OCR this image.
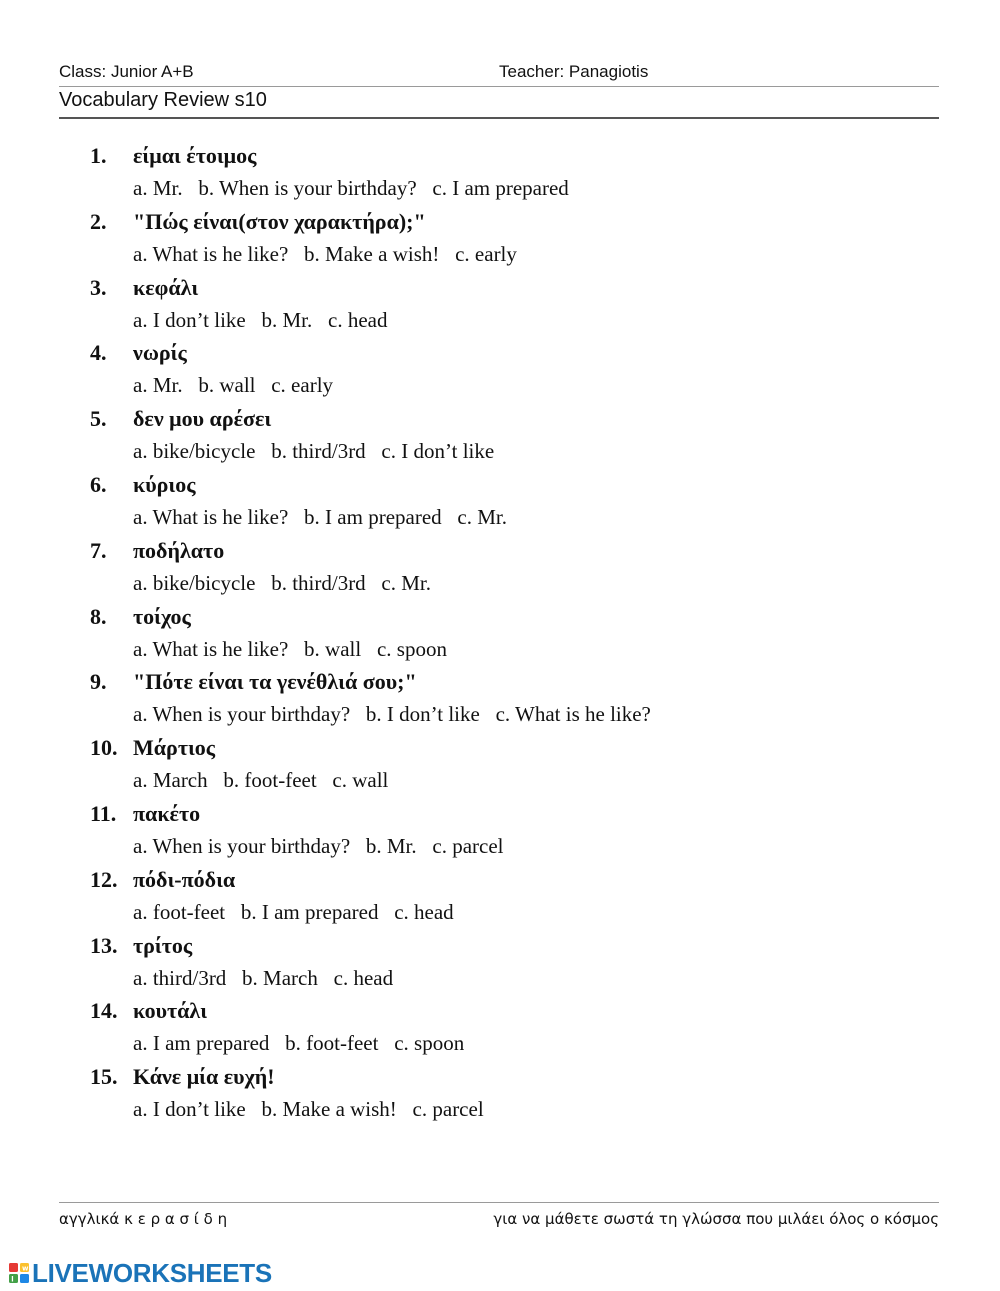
Class: Junior A+B	Teacher: Panagiotis
Vocabulary Review s10
1. είμαι έτοιμος
a. Mr.   b. When is your birthday?   c. I am prepared
2. "Πώς είναι(στον χαρακτήρα);"
a. What is he like?   b. Make a wish!   c. early
3. κεφάλι
a. I don’t like   b. Mr.   c. head
4. νωρίς
a. Mr.   b. wall   c. early
5. δεν μου αρέσει
a. bike/bicycle   b. third/3rd   c. I don’t like
6. κύριος
a. What is he like?   b. I am prepared   c. Mr.
7. ποδήλατο
a. bike/bicycle   b. third/3rd   c. Mr.
8. τοίχος
a. What is he like?   b. wall   c. spoon
9. "Πότε είναι τα γενέθλιά σου;"
a. When is your birthday?   b. I don’t like   c. What is he like?
10. Μάρτιος
a. March   b. foot-feet   c. wall
11. πακέτο
a. When is your birthday?   b. Mr.   c. parcel
12. πόδι-πόδια
a. foot-feet   b. I am prepared   c. head
13. τρίτος
a. third/3rd   b. March   c. head
14. κουτάλι
a. I am prepared   b. foot-feet   c. spoon
15. Κάνε μία ευχή!
a. I don’t like   b. Make a wish!   c. parcel
αγγλικά κ ε ρ α σ ί δ η	για να μάθετε σωστά τη γλώσσα που μιλάει όλος ο κόσμος
l
w LIVEWORKSHEETS
